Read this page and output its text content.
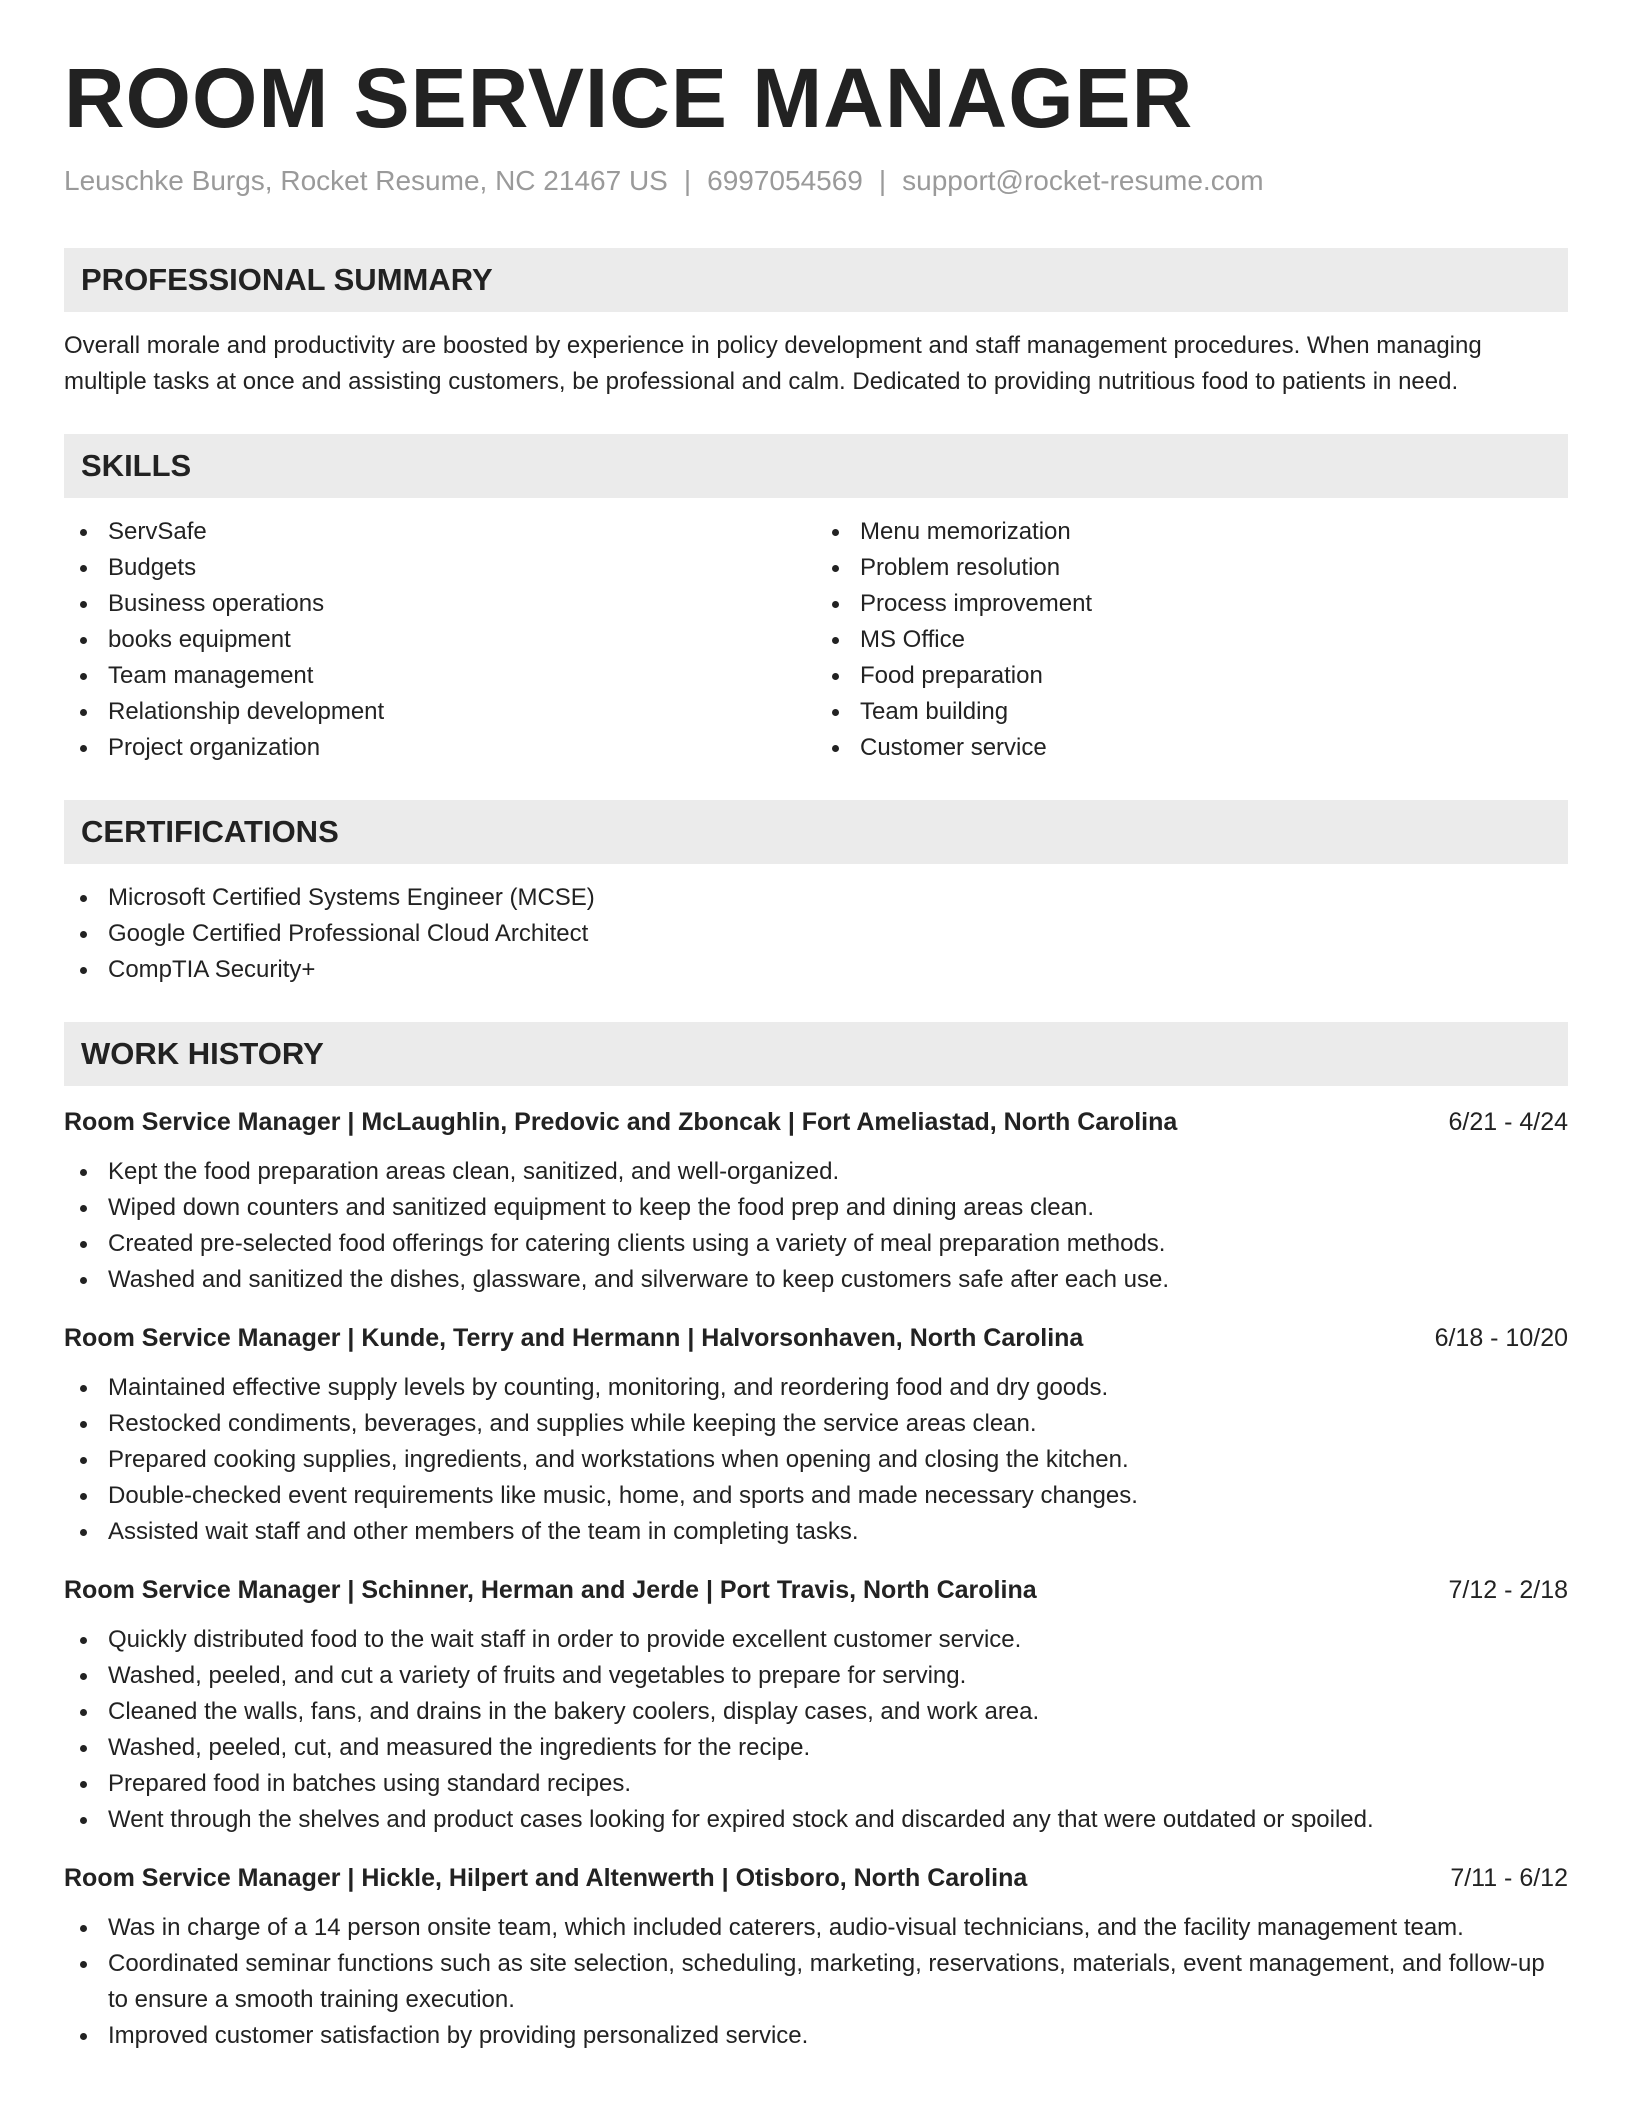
ROOM SERVICE MANAGER
Leuschke Burgs, Rocket Resume, NC 21467 US | 6997054569 | support@rocket-resume.com
PROFESSIONAL SUMMARY

Overall morale and productivity are boosted by experience in policy development and staff management procedures. When managing multiple tasks at once and assisting customers, be professional and calm. Dedicated to providing nutritious food to patients in need.

SKILLS
ServSafe
Budgets
Business operations
books equipment
Team management
Relationship development
Project organization
Menu memorization
Problem resolution
Process improvement
MS Office
Food preparation
Team building
Customer service
CERTIFICATIONS
Microsoft Certified Systems Engineer (MCSE)
Google Certified Professional Cloud Architect
CompTIA Security+
WORK HISTORY
Room Service Manager | McLaughlin, Predovic and Zboncak | Fort Ameliastad, North Carolina	6/21 - 4/24
Kept the food preparation areas clean, sanitized, and well-organized.
Wiped down counters and sanitized equipment to keep the food prep and dining areas clean.
Created pre-selected food offerings for catering clients using a variety of meal preparation methods.
Washed and sanitized the dishes, glassware, and silverware to keep customers safe after each use.
Room Service Manager | Kunde, Terry and Hermann | Halvorsonhaven, North Carolina	6/18 - 10/20
Maintained effective supply levels by counting, monitoring, and reordering food and dry goods.
Restocked condiments, beverages, and supplies while keeping the service areas clean.
Prepared cooking supplies, ingredients, and workstations when opening and closing the kitchen.
Double-checked event requirements like music, home, and sports and made necessary changes.
Assisted wait staff and other members of the team in completing tasks.
Room Service Manager | Schinner, Herman and Jerde | Port Travis, North Carolina	7/12 - 2/18
Quickly distributed food to the wait staff in order to provide excellent customer service.
Washed, peeled, and cut a variety of fruits and vegetables to prepare for serving.
Cleaned the walls, fans, and drains in the bakery coolers, display cases, and work area.
Washed, peeled, cut, and measured the ingredients for the recipe.
Prepared food in batches using standard recipes.
Went through the shelves and product cases looking for expired stock and discarded any that were outdated or spoiled.
Room Service Manager | Hickle, Hilpert and Altenwerth | Otisboro, North Carolina	7/11 - 6/12
Was in charge of a 14 person onsite team, which included caterers, audio-visual technicians, and the facility management team.
Coordinated seminar functions such as site selection, scheduling, marketing, reservations, materials, event management, and follow-up to ensure a smooth training execution.
Improved customer satisfaction by providing personalized service.
